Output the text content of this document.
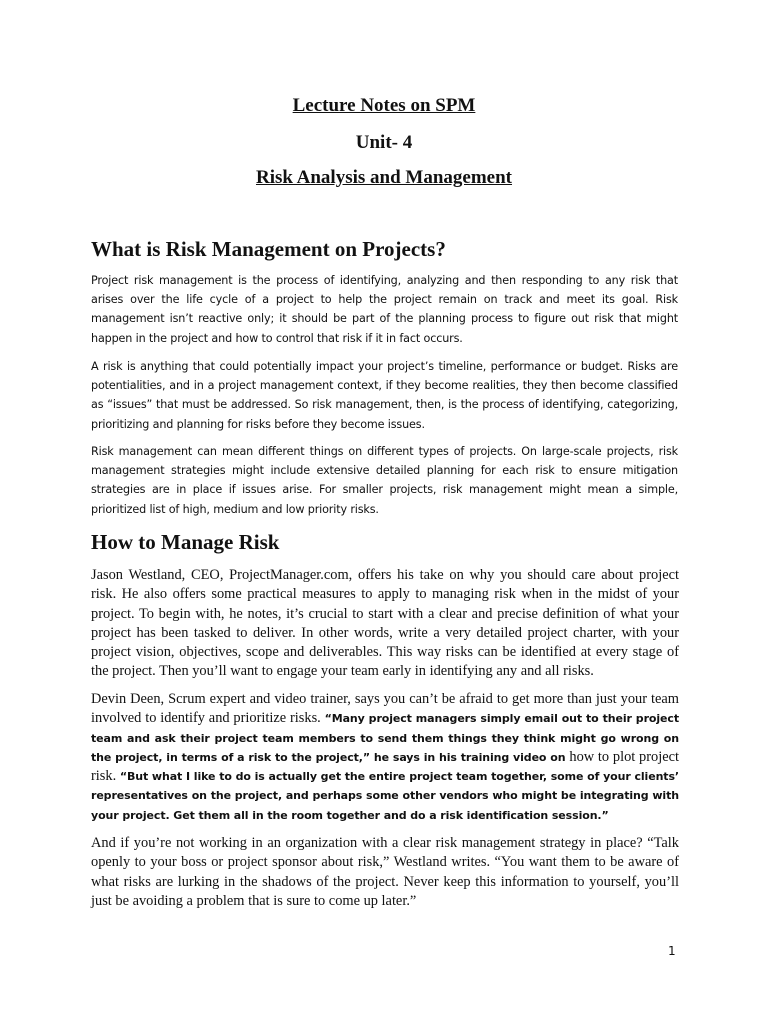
Lecture Notes on SPM
Unit- 4
Risk Analysis and Management
What is Risk Management on Projects?

Project risk management is the process of identifying, analyzing and then responding to any risk that arises over the life cycle of a project to help the project remain on track and meet its goal. Risk management isn’t reactive only; it should be part of the planning process to figure out risk that might happen in the project and how to control that risk if it in fact occurs.

A risk is anything that could potentially impact your project’s timeline, performance or budget. Risks are potentialities, and in a project management context, if they become realities, they then become classified as “issues” that must be addressed. So risk management, then, is the process of identifying, categorizing, prioritizing and planning for risks before they become issues.

Risk management can mean different things on different types of projects. On large-scale projects, risk management strategies might include extensive detailed planning for each risk to ensure mitigation strategies are in place if issues arise. For smaller projects, risk management might mean a simple, prioritized list of high, medium and low priority risks.

How to Manage Risk

Jason Westland, CEO, ProjectManager.com, offers his take on why you should care about project risk. He also offers some practical measures to apply to managing risk when in the midst of your project. To begin with, he notes, it’s crucial to start with a clear and precise definition of what your project has been tasked to deliver. In other words, write a very detailed project charter, with your project vision, objectives, scope and deliverables. This way risks can be identified at every stage of the project. Then you’ll want to engage your team early in identifying any and all risks.

Devin Deen, Scrum expert and video trainer, says you can’t be afraid to get more than just your team involved to identify and prioritize risks. “Many project managers simply email out to their project team and ask their project team members to send them things they think might go wrong on the project, in terms of a risk to the project,” he says in his training video on how to plot project risk. “But what I like to do is actually get the entire project team together, some of your clients’ representatives on the project, and perhaps some other vendors who might be integrating with your project. Get them all in the room together and do a risk identification session.”

And if you’re not working in an organization with a clear risk management strategy in place? “Talk openly to your boss or project sponsor about risk,” Westland writes. “You want them to be aware of what risks are lurking in the shadows of the project. Never keep this information to yourself, you’ll just be avoiding a problem that is sure to come up later.”

1
